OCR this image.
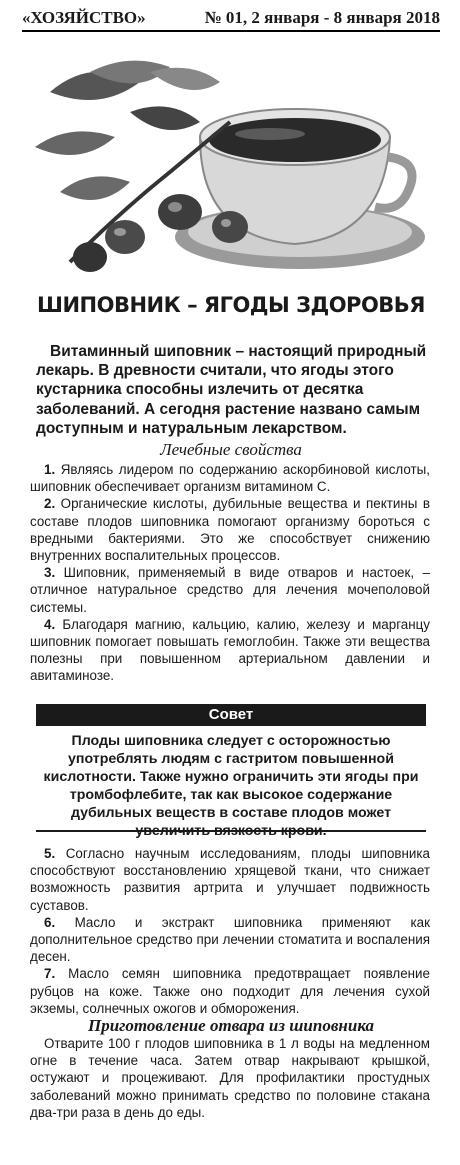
«ХОЗЯЙСТВО»	№ 01, 2 января - 8 января 2018
ШИПОВНИК – ЯГОДЫ ЗДОРОВЬЯ
Витаминный шиповник – настоящий природный лекарь. В древности считали, что ягоды этого кустарника способны излечить от десятка заболеваний. А сегодня растение названо самым доступным и натуральным лекарством.
Лечебные свойства

1. Являясь лидером по содержанию аскорбиновой кислоты, шиповник обеспечивает организм витамином С.

2. Органические кислоты, дубильные вещества и пектины в составе плодов шиповника помогают организму бороться с вредными бактериями. Это же способствует снижению внутренних воспалительных процессов.

3. Шиповник, применяемый в виде отваров и настоек, – отличное натуральное средство для лечения мочеполовой системы.

4. Благодаря магнию, кальцию, калию, железу и марганцу шиповник помогает повышать гемоглобин. Также эти вещества полезны при повышенном артериальном давлении и авитаминозе.

Совет
Плоды шиповника следует с осторожностью употреблять людям с гастритом повышенной кислотности. Также нужно ограничить эти ягоды при тромбофлебите, так как высокое содержание дубильных веществ в составе плодов может увеличить вязкость крови.

5. Согласно научным исследованиям, плоды шиповника способствуют восстановлению хрящевой ткани, что снижает возможность развития артрита и улучшает подвижность суставов.

6. Масло и экстракт шиповника применяют как дополнительное средство при лечении стоматита и воспаления десен.

7. Масло семян шиповника предотвращает появление рубцов на коже. Также оно подходит для лечения сухой экземы, солнечных ожогов и обморожения.

Приготовление отвара из шиповника

Отварите 100 г плодов шиповника в 1 л воды на медленном огне в течение часа. Затем отвар накрывают крышкой, остужают и процеживают. Для профилактики простудных заболеваний можно принимать средство по половине стакана два-три раза в день до еды.
